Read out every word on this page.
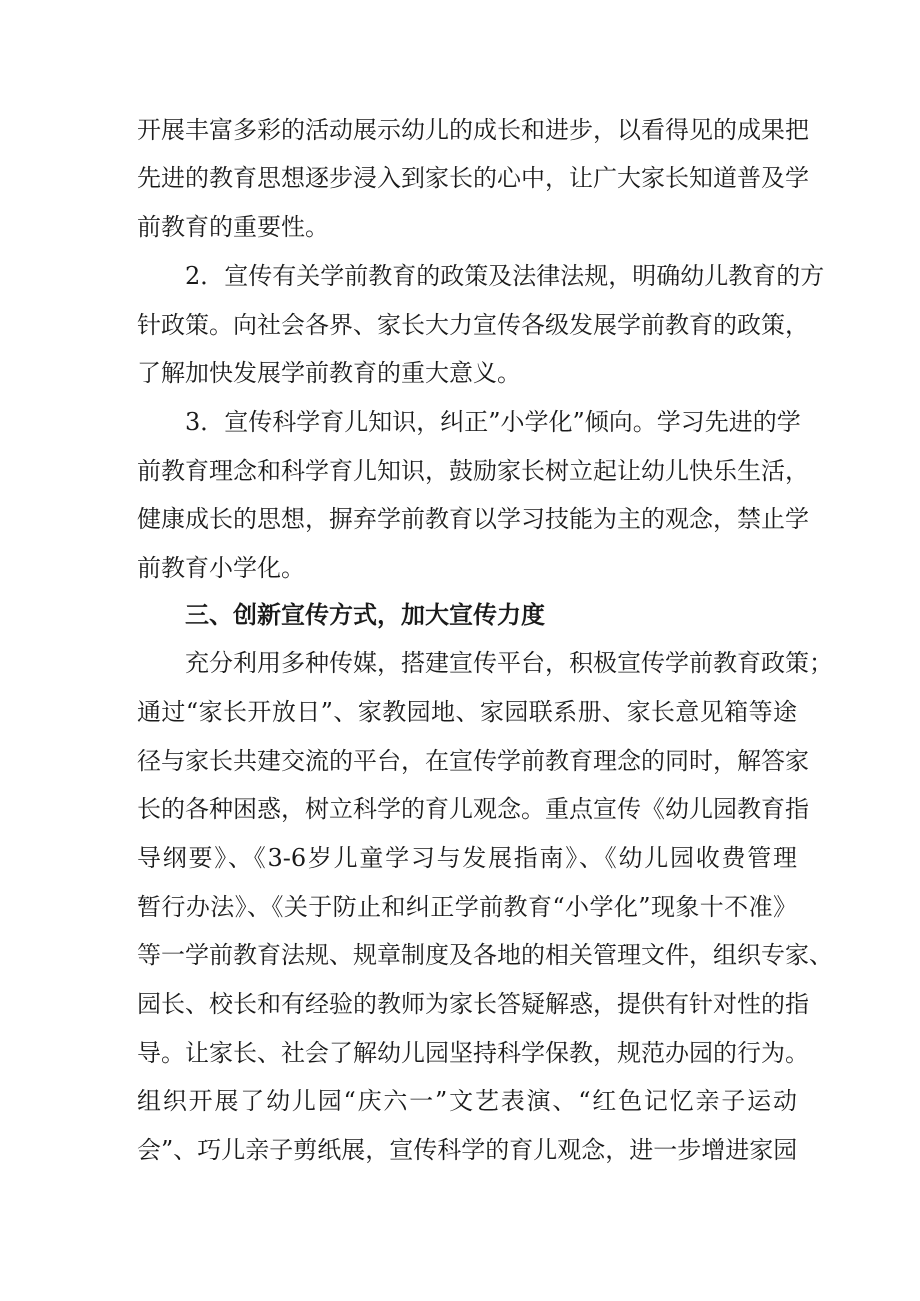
开展丰富多彩的活动展示幼儿的成长和进步，以看得见的成果把
先进的教育思想逐步浸入到家长的心中，让广大家长知道普及学
前教育的重要性。
2．宣传有关学前教育的政策及法律法规，明确幼儿教育的方
针政策。向社会各界、家长大力宣传各级发展学前教育的政策，
了解加快发展学前教育的重大意义。
3．宣传科学育儿知识，纠正”小学化”倾向。学习先进的学
前教育理念和科学育儿知识，鼓励家长树立起让幼儿快乐生活，
健康成长的思想，摒弃学前教育以学习技能为主的观念，禁止学
前教育小学化。
三、创新宣传方式，加大宣传力度
充分利用多种传媒，搭建宣传平台，积极宣传学前教育政策；
通过“家长开放日”、家教园地、家园联系册、家长意见箱等途
径与家长共建交流的平台，在宣传学前教育理念的同时，解答家
长的各种困惑，树立科学的育儿观念。重点宣传《幼儿园教育指
导纲要》、《3-6岁儿童学习与发展指南》、《幼儿园收费管理
暂行办法》、《关于防止和纠正学前教育“小学化”现象十不准》
等一学前教育法规、规章制度及各地的相关管理文件，组织专家、
园长、校长和有经验的教师为家长答疑解惑，提供有针对性的指
导。让家长、社会了解幼儿园坚持科学保教，规范办园的行为。
组织开展了幼儿园“庆六一”文艺表演、“红色记忆亲子运动
会”、巧儿亲子剪纸展，宣传科学的育儿观念，进一步增进家园
